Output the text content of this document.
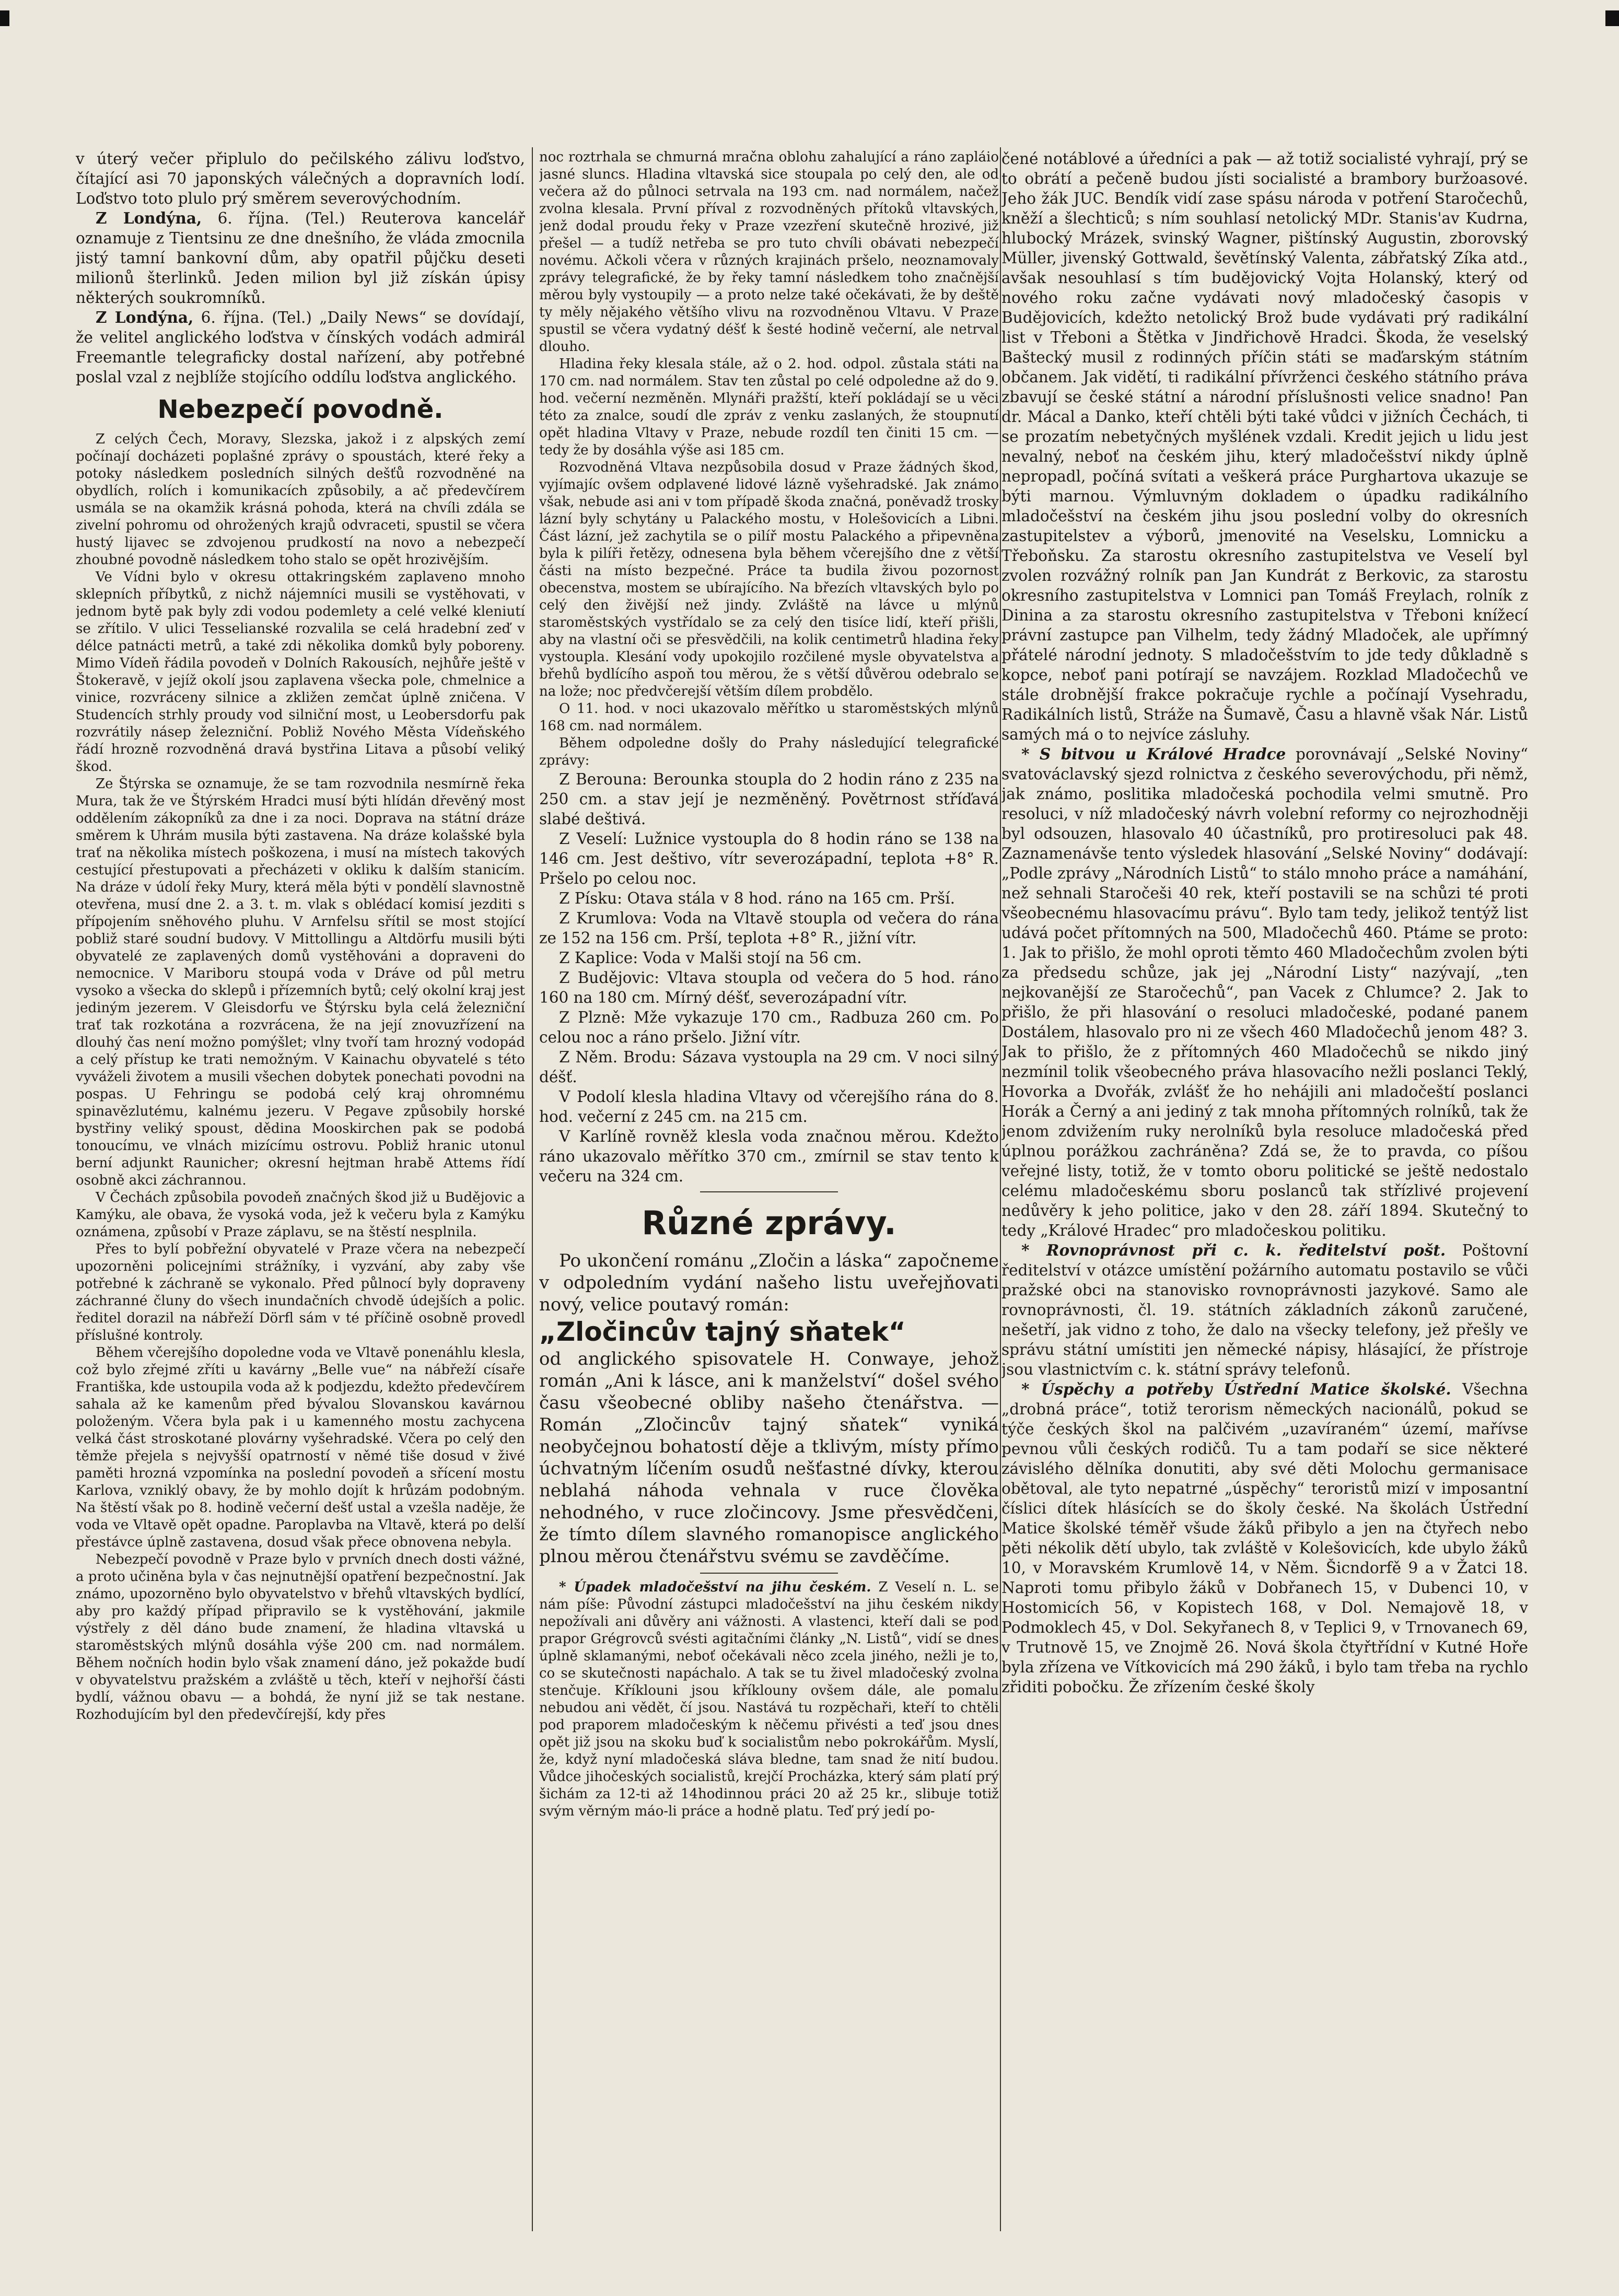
v úterý večer připlulo do pečilského zálivu loďstvo, čítající asi 70 japonských válečných a dopravních lodí. Loďstvo toto plulo prý směrem severovýchodním.

Z Londýna, 6. října. (Tel.) Reuterova kancelář oznamuje z Tientsinu ze dne dnešního, že vláda zmocnila jistý tamní bankovní dům, aby opatřil půjčku deseti milionů šterlinků. Jeden milion byl již získán úpisy některých soukromníků.

Z Londýna, 6. října. (Tel.) „Daily News“ se dovídají, že velitel anglického loďstva v čínských vodách admirál Freemantle telegraficky dostal nařízení, aby potřebné poslal vzal z nejblíže stojícího oddílu loďstva anglického.

Nebezpečí povodně.

Z celých Čech, Moravy, Slezska, jakož i z alpských zemí počínají docházeti poplašné zprávy o spoustách, které řeky a potoky následkem posledních silných dešťů rozvodněné na obydlích, rolích i komunikacích způsobily, a ač předevčírem usmála se na okamžik krásná pohoda, která na chvíli zdála se zivelní pohromu od ohrožených krajů odvraceti, spustil se včera hustý lijavec se zdvojenou prudkostí na novo a nebezpečí zhoubné povodně následkem toho stalo se opět hrozivějším.

Ve Vídni bylo v okresu ottakringském zaplaveno mnoho sklepních příbytků, z nichž nájemníci musili se vystěhovati, v jednom bytě pak byly zdi vodou podemlety a celé velké kleniutí se zřítilo. V ulici Tesselianské rozvalila se celá hradební zeď v délce patnácti metrů, a také zdi několika domků byly poboreny. Mimo Vídeň řádila povodeň v Dolních Rakousích, nejhůře ještě v Štokeravě, v jejíž okolí jsou zaplavena všecka pole, chmelnice a vinice, rozvráceny silnice a zkližen zemčat úplně zničena. V Studencích strhly proudy vod silniční most, u Leobersdorfu pak rozvrátily násep železniční. Pobliž Nového Města Vídeňského řádí hrozně rozvodněná dravá bystřina Litava a působí veliký škod.

Ze Štýrska se oznamuje, že se tam rozvodnila nesmírně řeka Mura, tak že ve Štýrském Hradci musí býti hlídán dřevěný most oddělením zákopníků za dne i za noci. Doprava na státní dráze směrem k Uhrám musila býti zastavena. Na dráze kolašské byla trať na několika místech poškozena, i musí na místech takových cestující přestupovati a přecházeti v okliku k dalším stanicím. Na dráze v údolí řeky Mury, která měla býti v pondělí slavnostně otevřena, musí dne 2. a 3. t. m. vlak s oblédací komisí jezditi s přípojením sněhového pluhu. V Arnfelsu sřítil se most stojící pobliž staré soudní budovy. V Mittollingu a Altdörfu musili býti obyvatelé ze zaplavených domů vystěhováni a dopraveni do nemocnice. V Mariboru stoupá voda v Dráve od půl metru vysoko a všecka do sklepů i přízemních bytů; celý okolní kraj jest jediným jezerem. V Gleisdorfu ve Štýrsku byla celá železniční trať tak rozkotána a rozvrácena, že na její znovuzřízení na dlouhý čas není možno pomýšlet; vlny tvoří tam hrozný vodopád a celý přístup ke trati nemožným. V Kainachu obyvatelé s této vyváželi životem a musili všechen dobytek ponechati povodni na pospas. U Fehringu se podobá celý kraj ohromnému spinavězlutému, kalnému jezeru. V Pegave způsobily horské bystřiny veliký spoust, dědina Mooskirchen pak se podobá tonoucímu, ve vlnách mizícímu ostrovu. Pobliž hranic utonul berní adjunkt Raunicher; okresní hejtman hrabě Attems řídí osobně akci záchrannou.

V Čechách způsobila povodeň značných škod již u Budějovic a Kamýku, ale obava, že vysoká voda, jež k večeru byla z Kamýku oznámena, způsobí v Praze záplavu, se na štěstí nesplnila.

Přes to bylí pobřežní obyvatelé v Praze včera na nebezpečí upozorněni policejními strážníky, i vyzvání, aby zaby vše potřebné k záchraně se vykonalo. Před půlnocí byly dopraveny záchranné čluny do všech inundačních chvodě údejších a polic. ředitel dorazil na nábřeží Dörfl sám v té příčině osobně provedl příslušné kontroly.

Během včerejšího dopoledne voda ve Vltavě ponenáhlu klesla, což bylo zřejmé zříti u kavárny „Belle vue“ na nábřeží císaře Františka, kde ustoupila voda až k podjezdu, kdežto předevčírem sahala až ke kamenům před bývalou Slovanskou kavárnou položeným. Včera byla pak i u kamenného mostu zachycena velká část stroskotané plovárny vyšehradské. Včera po celý den těmže přejela s nejvyšší opatrností v němé tiše dosud v živé paměti hrozná vzpomínka na poslední povodeň a sřícení mostu Karlova, vzniklý obavy, že by mohlo dojít k hrůzám podobným. Na štěstí však po 8. hodině večerní dešť ustal a vzešla naděje, že voda ve Vltavě opět opadne. Paroplavba na Vltavě, která po delší přestávce úplně zastavena, dosud však přece obnovena nebyla.

Nebezpečí povodně v Praze bylo v prvních dnech dosti vážné, a proto učiněna byla v čas nejnutnější opatření bezpečnostní. Jak známo, upozorněno bylo obyvatelstvo v břehů vltavských bydlící, aby pro každý případ připravilo se k vystěhování, jakmile výstřely z děl dáno bude znamení, že hladina vltavská u staroměstských mlýnů dosáhla výše 200 cm. nad normálem. Během nočních hodin bylo však znamení dáno, jež pokažde budí v obyvatelstvu pražském a zvláště u těch, kteří v nejhořší části bydlí, vážnou obavu — a bohdá, že nyní již se tak nestane. Rozhodujícím byl den předevčírejší, kdy přes

noc roztrhala se chmurná mračna oblohu zahalující a ráno zapláio jasné sluncs. Hladina vltavská sice stoupala po celý den, ale od večera až do půlnoci setrvala na 193 cm. nad normálem, načež zvolna klesala. První příval z rozvodněných přítoků vltavských, jenž dodal proudu řeky v Praze vzezření skutečně hrozivé, již přešel — a tudíž netřeba se pro tuto chvíli obávati nebezpečí novému. Ačkoli včera v různých krajinách pršelo, neoznamovaly zprávy telegrafické, že by řeky tamní následkem toho značnější měrou byly vystoupily — a proto nelze také očekávati, že by deště ty měly nějakého většího vlivu na rozvodněnou Vltavu. V Praze spustil se včera vydatný déšť k šesté hodině večerní, ale netrval dlouho.

Hladina řeky klesala stále, až o 2. hod. odpol. zůstala státi na 170 cm. nad normálem. Stav ten zůstal po celé odpoledne až do 9. hod. večerní nezměněn. Mlynáři pražští, kteří pokládají se u věci této za znalce, soudí dle zpráv z venku zaslaných, že stoupnutí opět hladina Vltavy v Praze, nebude rozdíl ten činiti 15 cm. — tedy že by dosáhla výše asi 185 cm.

Rozvodněná Vltava nezpůsobila dosud v Praze žádných škod, vyjímajíc ovšem odplavené lidové lázně vyšehradské. Jak známo však, nebude asi ani v tom případě škoda značná, poněvadž trosky lázní byly schytány u Palackého mostu, v Holešovicích a Libni. Část lázní, jež zachytila se o pilíř mostu Palackého a připevněna byla k pilíři řetězy, odnesena byla během včerejšího dne z větší části na místo bezpečné. Práce ta budila živou pozornost obecenstva, mostem se ubírajícího. Na březích vltavských bylo po celý den živější než jindy. Zvláště na lávce u mlýnů staroměstských vystřídalo se za celý den tisíce lidí, kteří přišli, aby na vlastní oči se přesvědčili, na kolik centimetrů hladina řeky vystoupla. Klesání vody upokojilo rozčilené mysle obyvatelstva a břehů bydlícího aspoň tou měrou, že s větší důvěrou odebralo se na lože; noc předvčerejší větším dílem probdělo.

O 11. hod. v noci ukazovalo měřítko u staroměstských mlýnů 168 cm. nad normálem.

Během odpoledne došly do Prahy následující telegrafické zprávy:

Z Berouna: Berounka stoupla do 2 hodin ráno z 235 na 250 cm. a stav její je nezměněný. Povětrnost stříďavá slabé deštivá.

Z Veselí: Lužnice vystoupla do 8 hodin ráno se 138 na 146 cm. Jest deštivo, vítr severozápadní, teplota +8° R. Pršelo po celou noc.

Z Písku: Otava stála v 8 hod. ráno na 165 cm. Prší.

Z Krumlova: Voda na Vltavě stoupla od večera do rána ze 152 na 156 cm. Prší, teplota +8° R., jižní vítr.

Z Kaplice: Voda v Malši stojí na 56 cm.

Z Budějovic: Vltava stoupla od večera do 5 hod. ráno 160 na 180 cm. Mírný déšť, severozápadní vítr.

Z Plzně: Mže vykazuje 170 cm., Radbuza 260 cm. Po celou noc a ráno pršelo. Jižní vítr.

Z Něm. Brodu: Sázava vystoupla na 29 cm. V noci silný déšť.

V Podolí klesla hladina Vltavy od včerejšího rána do 8. hod. večerní z 245 cm. na 215 cm.

V Karlíně rovněž klesla voda značnou měrou. Kdežto ráno ukazovalo měřítko 370 cm., zmírnil se stav tento k večeru na 324 cm.

Různé zprávy.

Po ukončení románu „Zločin a láska“ započneme v odpoledním vydání našeho listu uveřejňovati nový, velice poutavý román:

„Zločincův tajný sňatek“

od anglického spisovatele H. Conwaye, jehož román „Ani k lásce, ani k manželství“ došel svého času všeobecné obliby našeho čtenářstva. — Román „Zločincův tajný sňatek“ vyniká neobyčejnou bohatostí děje a tklivým, místy přímo úchvatným líčením osudů nešťastné dívky, kterou neblahá náhoda vehnala v ruce člověka nehodného, v ruce zločincovy. Jsme přesvědčeni, že tímto dílem slavného romanopisce anglického plnou měrou čtenářstvu svému se zavděčíme.

* Úpadek mladočešství na jihu českém. Z Veselí n. L. se nám píše: Původní zástupci mladočešství na jihu českém nikdy nepožívali ani důvěry ani vážnosti. A vlastenci, kteří dali se pod prapor Grégrovců svésti agitačními články „N. Listů“, vidí se dnes úplně sklamanými, neboť očekávali něco zcela jiného, nežli je to, co se skutečnosti napáchalo. A tak se tu živel mladočeský zvolna stenčuje. Kříklouni jsou kříklouny ovšem dále, ale pomalu nebudou ani vědět, čí jsou. Nastává tu rozpěchaři, kteří to chtěli pod praporem mladočeským k něčemu přivésti a teď jsou dnes opět již jsou na skoku buď k socialistům nebo pokrokářům. Myslí, že, když nyní mladočeská sláva bledne, tam snad že nití budou. Vůdce jihočeských socialistů, krejčí Procházka, který sám platí prý šichám za 12-ti až 14hodinnou práci 20 až 25 kr., slibuje totiž svým věrným máo-li práce a hodně platu. Teď prý jedí po-

čené notáblové a úředníci a pak — až totiž socialisté vyhrají, prý se to obrátí a pečeně budou jísti socialisté a brambory buržoasové. Jeho žák JUC. Bendík vidí zase spásu národa v potření Staročechů, kněží a šlechticů; s ním souhlasí netolický MDr. Stanis'av Kudrna, hlubocký Mrázek, svinský Wagner, pištínský Augustin, zborovský Müller, jivenský Gottwald, ševětínský Valenta, zábřatský Zíka atd., avšak nesouhlasí s tím budějovický Vojta Holanský, který od nového roku začne vydávati nový mladočeský časopis v Budějovicích, kdežto netolický Brož bude vydávati prý radikální list v Třeboni a Štětka v Jindřichově Hradci. Škoda, že veselský Baštecký musil z rodinných příčin státi se maďarským státním občanem. Jak vidětí, ti radikální přívrženci českého státního práva zbavují se české státní a národní příslušnosti velice snadno! Pan dr. Mácal a Danko, kteří chtěli býti také vůdci v jižních Čechách, ti se prozatím nebetyčných myšlének vzdali. Kredit jejich u lidu jest nevalný, neboť na českém jihu, který mladočešství nikdy úplně nepropadl, počíná svítati a veškerá práce Purghartova ukazuje se býti marnou. Výmluvným dokladem o úpadku radikálního mladočešství na českém jihu jsou poslední volby do okresních zastupitelstev a výborů, jmenovité na Veselsku, Lomnicku a Třeboňsku. Za starostu okresního zastupitelstva ve Veselí byl zvolen rozvážný rolník pan Jan Kundrát z Berkovic, za starostu okresního zastupitelstva v Lomnici pan Tomáš Freylach, rolník z Dinina a za starostu okresního zastupitelstva v Třeboni knížecí právní zastupce pan Vilhelm, tedy žádný Mladoček, ale upřímný přátelé národní jednoty. S mladočešstvím to jde tedy důkladně s kopce, neboť pani potírají se navzájem. Rozklad Mladočechů ve stále drobnější frakce pokračuje rychle a počínají Vysehradu, Radikálních listů, Stráže na Šumavě, Času a hlavně však Nár. Listů samých má o to nejvíce zásluhy.

* S bitvou u Králové Hradce porovnávají „Selské Noviny“ svatováclavský sjezd rolnictva z českého severovýchodu, při němž, jak známo, poslitika mladočeská pochodila velmi smutně. Pro resoluci, v níž mladočeský návrh volební reformy co nejrozhodněji byl odsouzen, hlasovalo 40 účastníků, pro protiresoluci pak 48. Zaznamenávše tento výsledek hlasování „Selské Noviny“ dodávají: „Podle zprávy „Národních Listů“ to stálo mnoho práce a namáhání, než sehnali Staročeši 40 rek, kteří postavili se na schůzi té proti všeobecnému hlasovacímu právu“. Bylo tam tedy, jelikož tentýž list udává počet přítomných na 500, Mladočechů 460. Ptáme se proto: 1. Jak to přišlo, že mohl oproti těmto 460 Mladočechům zvolen býti za předsedu schůze, jak jej „Národní Listy“ nazývají, „ten nejkovanější ze Staročechů“, pan Vacek z Chlumce? 2. Jak to přišlo, že při hlasování o resoluci mladočeské, podané panem Dostálem, hlasovalo pro ni ze všech 460 Mladočechů jenom 48? 3. Jak to přišlo, že z přítomných 460 Mladočechů se nikdo jiný nezmínil tolik všeobecného práva hlasovacího nežli poslanci Teklý, Hovorka a Dvořák, zvlášť že ho nehájili ani mladočeští poslanci Horák a Černý a ani jediný z tak mnoha přítomných rolníků, tak že jenom zdvižením ruky nerolníků byla resoluce mladočeská před úplnou porážkou zachráněna? Zdá se, že to pravda, co píšou veřejné listy, totiž, že v tomto oboru politické se ještě nedostalo celému mladočeskému sboru poslanců tak střízlivé projevení nedůvěry k jeho politice, jako v den 28. září 1894. Skutečný to tedy „Králové Hradec“ pro mladočeskou politiku.

* Rovnoprávnost při c. k. ředitelství pošt. Poštovní ředitelství v otázce umístění požárního automatu postavilo se vůči pražské obci na stanovisko rovnoprávnosti jazykové. Samo ale rovnoprávnosti, čl. 19. státních základních zákonů zaručené, nešetří, jak vidno z toho, že dalo na všecky telefony, jež přešly ve správu státní umístiti jen německé nápisy, hlásající, že přístroje jsou vlastnictvím c. k. státní správy telefonů.

* Úspěchy a potřeby Ústřední Matice školské. Všechna „drobná práce“, totiž terorism německých nacionálů, pokud se týče českých škol na palčivém „uzavíraném“ území, mařívse pevnou vůli českých rodičů. Tu a tam podaří se sice některé závislého dělníka donutiti, aby své děti Molochu germanisace obětoval, ale tyto nepatrné „úspěchy“ teroristů mizí v imposantní číslici dítek hlásících se do školy české. Na školách Ústřední Matice školské téměř všude žáků přibylo a jen na čtyřech nebo pěti nékolik dětí ubylo, tak zvláště v Kolešovicích, kde ubylo žáků 10, v Moravském Krumlově 14, v Něm. Šicndorfě 9 a v Žatci 18. Naproti tomu přibylo žáků v Dobřanech 15, v Dubenci 10, v Hostomicích 56, v Kopistech 168, v Dol. Nemajově 18, v Podmoklech 45, v Dol. Sekyřanech 8, v Teplici 9, v Trnovanech 69, v Trutnově 15, ve Znojmě 26. Nová škola čtyřtřídní v Kutné Hoře byla zřízena ve Vítkovicích má 290 žáků, i bylo tam třeba na rychlo zřiditi pobočku. Že zřízením české školy
